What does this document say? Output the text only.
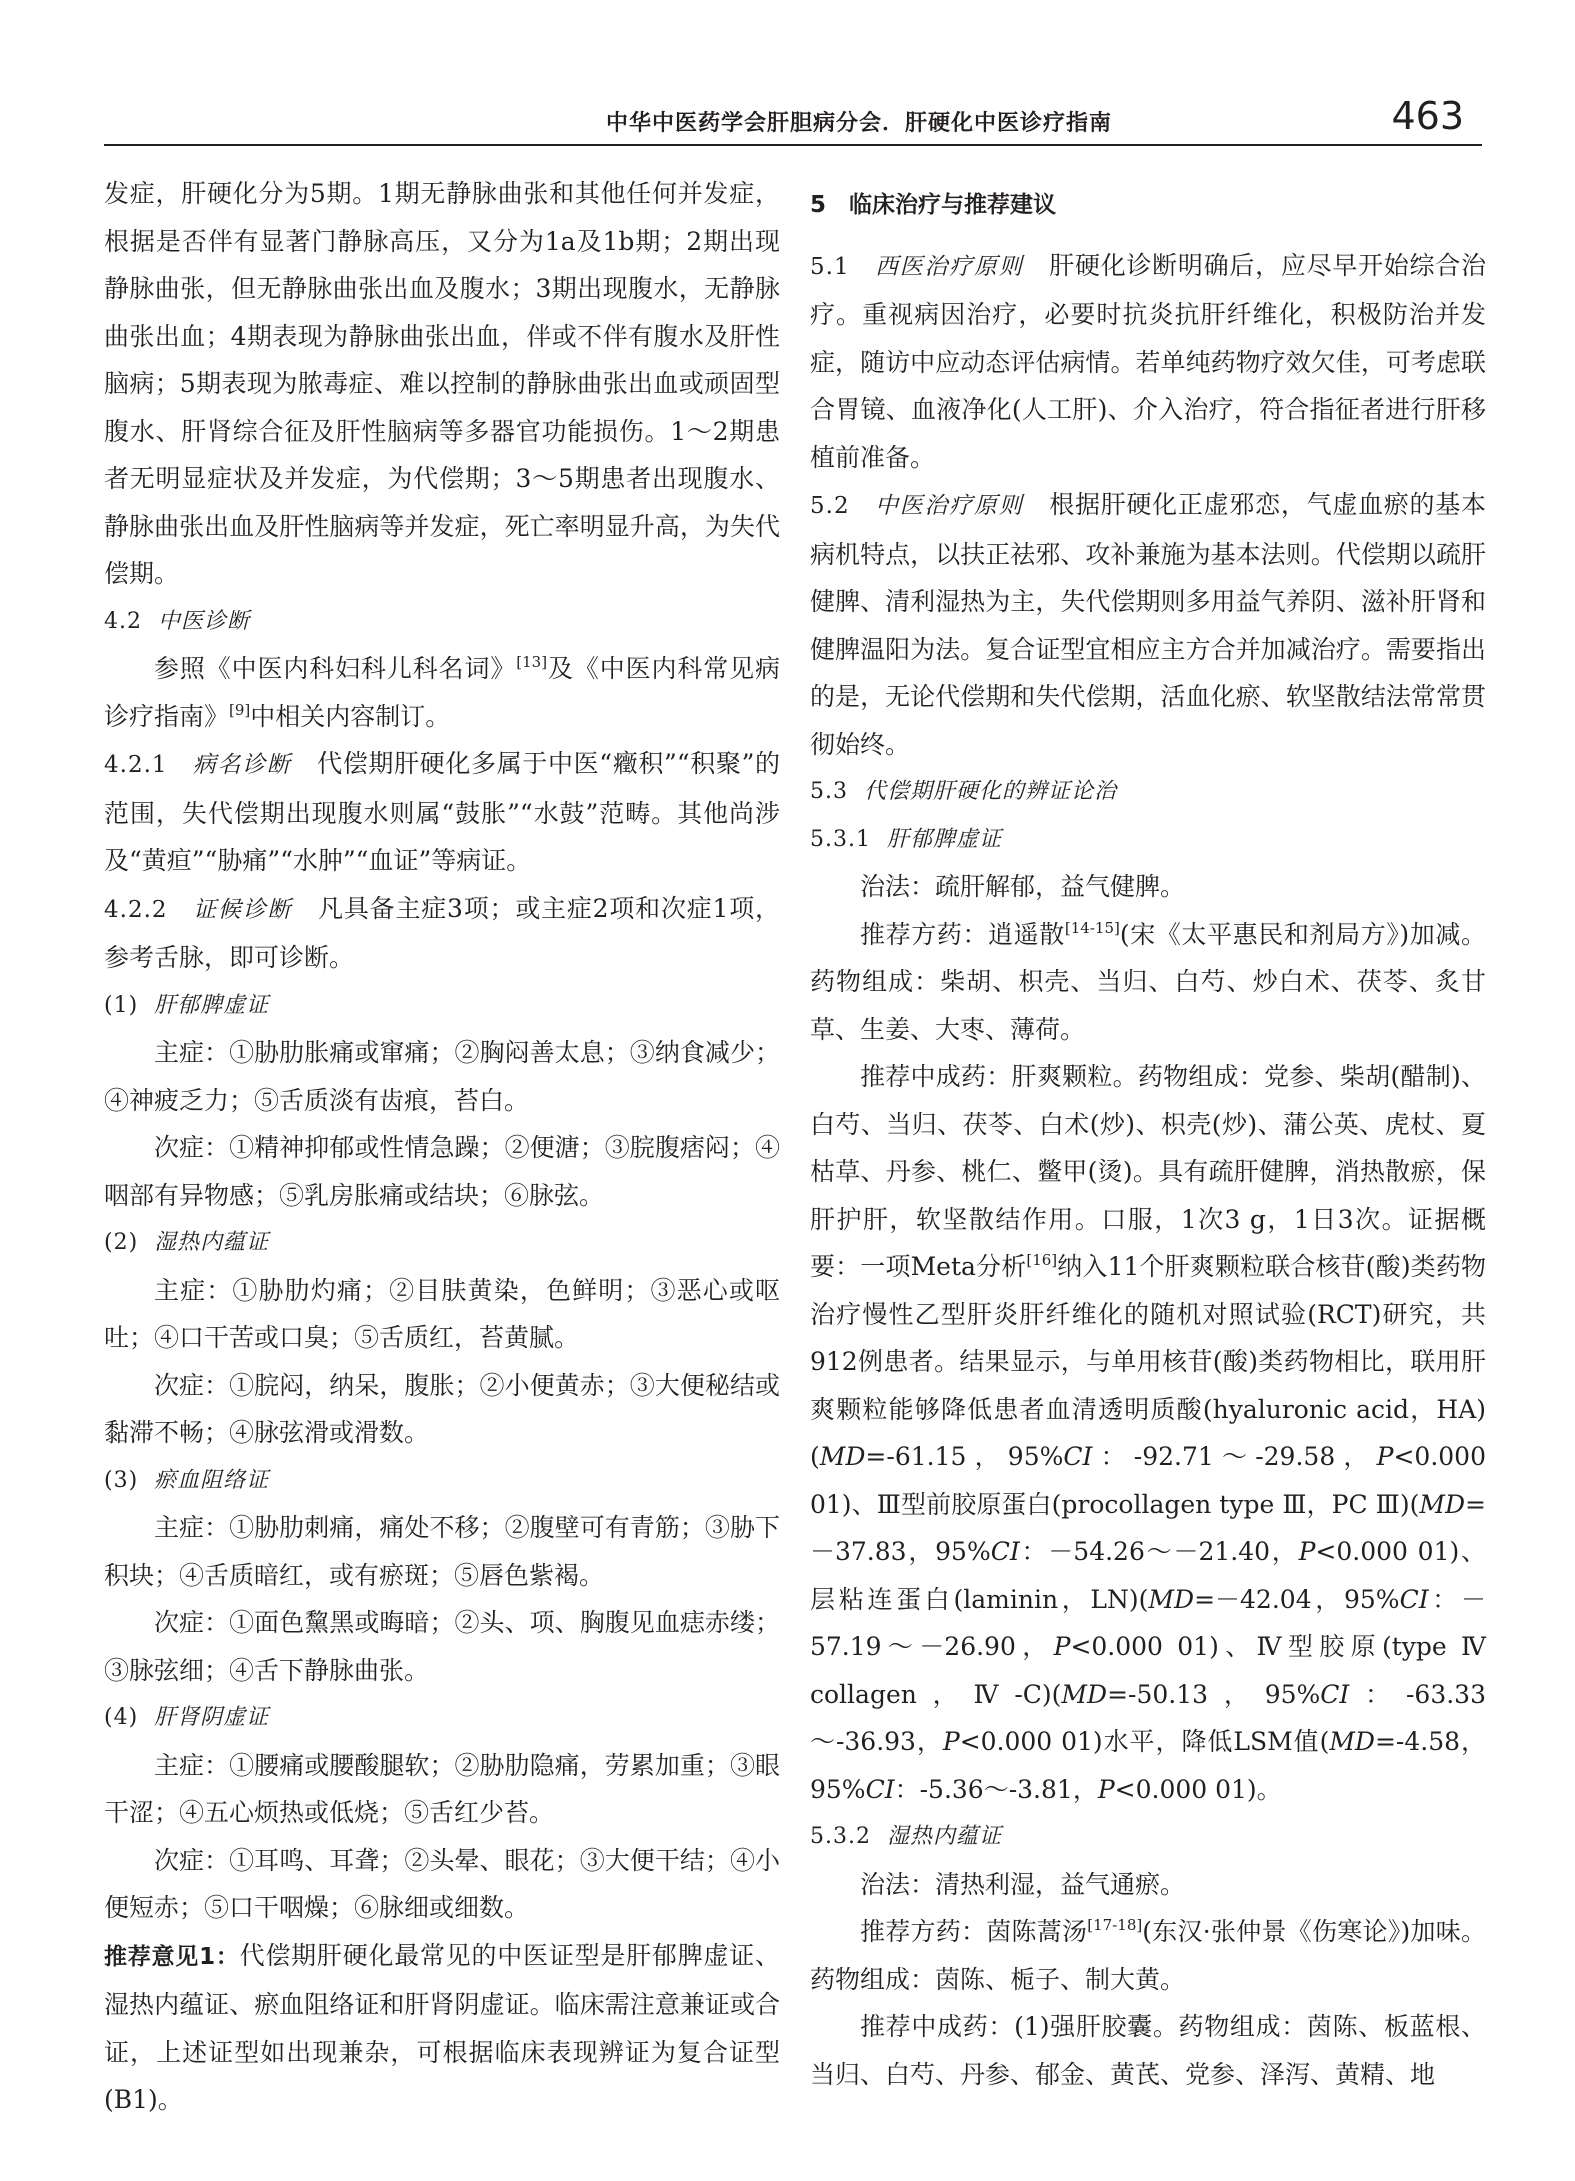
中华中医药学会肝胆病分会．肝硬化中医诊疗指南	463

发症，肝硬化分为5期。1期无静脉曲张和其他任何并发症，根据是否伴有显著门静脉高压，又分为1a及1b期；2期出现静脉曲张，但无静脉曲张出血及腹水；3期出现腹水，无静脉曲张出血；4期表现为静脉曲张出血，伴或不伴有腹水及肝性脑病；5期表现为脓毒症、难以控制的静脉曲张出血或顽固型腹水、肝肾综合征及肝性脑病等多器官功能损伤。1～2期患者无明显症状及并发症，为代偿期；3～5期患者出现腹水、静脉曲张出血及肝性脑病等并发症，死亡率明显升高，为失代偿期。

4.2 中医诊断

参照《中医内科妇科儿科名词》[13]及《中医内科常见病诊疗指南》[9]中相关内容制订。

4.2.1　 病名诊断　 代偿期肝硬化多属于中医“癥积”“积聚”的范围，失代偿期出现腹水则属“鼓胀”“水鼓”范畴。其他尚涉及“黄疸”“胁痛”“水肿”“血证”等病证。

4.2.2　 证候诊断　 凡具备主症3项；或主症2项和次症1项，参考舌脉，即可诊断。

(1) 肝郁脾虚证

主症：①胁肋胀痛或窜痛；②胸闷善太息；③纳食减少；④神疲乏力；⑤舌质淡有齿痕，苔白。

次症：①精神抑郁或性情急躁；②便溏；③脘腹痞闷；④咽部有异物感；⑤乳房胀痛或结块；⑥脉弦。

(2) 湿热内蕴证

主症：①胁肋灼痛；②目肤黄染，色鲜明；③恶心或呕吐；④口干苦或口臭；⑤舌质红，苔黄腻。

次症：①脘闷，纳呆，腹胀；②小便黄赤；③大便秘结或黏滞不畅；④脉弦滑或滑数。

(3) 瘀血阻络证

主症：①胁肋刺痛，痛处不移；②腹壁可有青筋；③胁下积块；④舌质暗红，或有瘀斑；⑤唇色紫褐。

次症：①面色黧黑或晦暗；②头、项、胸腹见血痣赤缕；③脉弦细；④舌下静脉曲张。

(4) 肝肾阴虚证

主症：①腰痛或腰酸腿软；②胁肋隐痛，劳累加重；③眼干涩；④五心烦热或低烧；⑤舌红少苔。

次症：①耳鸣、耳聋；②头晕、眼花；③大便干结；④小便短赤；⑤口干咽燥；⑥脉细或细数。

推荐意见1：代偿期肝硬化最常见的中医证型是肝郁脾虚证、湿热内蕴证、瘀血阻络证和肝肾阴虚证。临床需注意兼证或合证，上述证型如出现兼杂，可根据临床表现辨证为复合证型(B1)。

5　临床治疗与推荐建议

5.1　 西医治疗原则　 肝硬化诊断明确后，应尽早开始综合治疗。重视病因治疗，必要时抗炎抗肝纤维化，积极防治并发症，随访中应动态评估病情。若单纯药物疗效欠佳，可考虑联合胃镜、血液净化(人工肝)、介入治疗，符合指征者进行肝移植前准备。

5.2　 中医治疗原则　 根据肝硬化正虚邪恋，气虚血瘀的基本病机特点，以扶正祛邪、攻补兼施为基本法则。代偿期以疏肝健脾、清利湿热为主，失代偿期则多用益气养阴、滋补肝肾和健脾温阳为法。复合证型宜相应主方合并加减治疗。需要指出的是，无论代偿期和失代偿期，活血化瘀、软坚散结法常常贯彻始终。

5.3 代偿期肝硬化的辨证论治

5.3.1 肝郁脾虚证

治法：疏肝解郁，益气健脾。

推荐方药：逍遥散[14-15](宋《太平惠民和剂局方》)加减。药物组成：柴胡、枳壳、当归、白芍、炒白术、茯苓、炙甘草、生姜、大枣、薄荷。

推荐中成药：肝爽颗粒。药物组成：党参、柴胡(醋制)、白芍、当归、茯苓、白术(炒)、枳壳(炒)、蒲公英、虎杖、夏枯草、丹参、桃仁、鳖甲(烫)。具有疏肝健脾，消热散瘀，保肝护肝，软坚散结作用。口服，1次3 g，1日3次。证据概要：一项Meta分析[16]纳入11个肝爽颗粒联合核苷(酸)类药物治疗慢性乙型肝炎肝纤维化的随机对照试验(RCT)研究，共912例患者。结果显示，与单用核苷(酸)类药物相比，联用肝爽颗粒能够降低患者血清透明质酸(hyaluronic acid，HA)(MD=-61.15，95%CI：-92.71～-29.58，P<0.000 01)、Ⅲ型前胶原蛋白(procollagen type Ⅲ，PC Ⅲ)(MD=－37.83，95%CI：－54.26～－21.40，P<0.000 01)、层粘连蛋白(laminin，LN)(MD=－42.04，95%CI：－57.19～－26.90，P<0.000 01)、Ⅳ型胶原(type Ⅳ collagen，Ⅳ-C)(MD=-50.13，95%CI：-63.33～-36.93，P<0.000 01)水平，降低LSM值(MD=-4.58，95%CI：-5.36～-3.81，P<0.000 01)。

5.3.2 湿热内蕴证

治法：清热利湿，益气通瘀。

推荐方药：茵陈蒿汤[17-18](东汉·张仲景《伤寒论》)加味。药物组成：茵陈、栀子、制大黄。

推荐中成药：(1)强肝胶囊。药物组成：茵陈、板蓝根、当归、白芍、丹参、郁金、黄芪、党参、泽泻、黄精、地
